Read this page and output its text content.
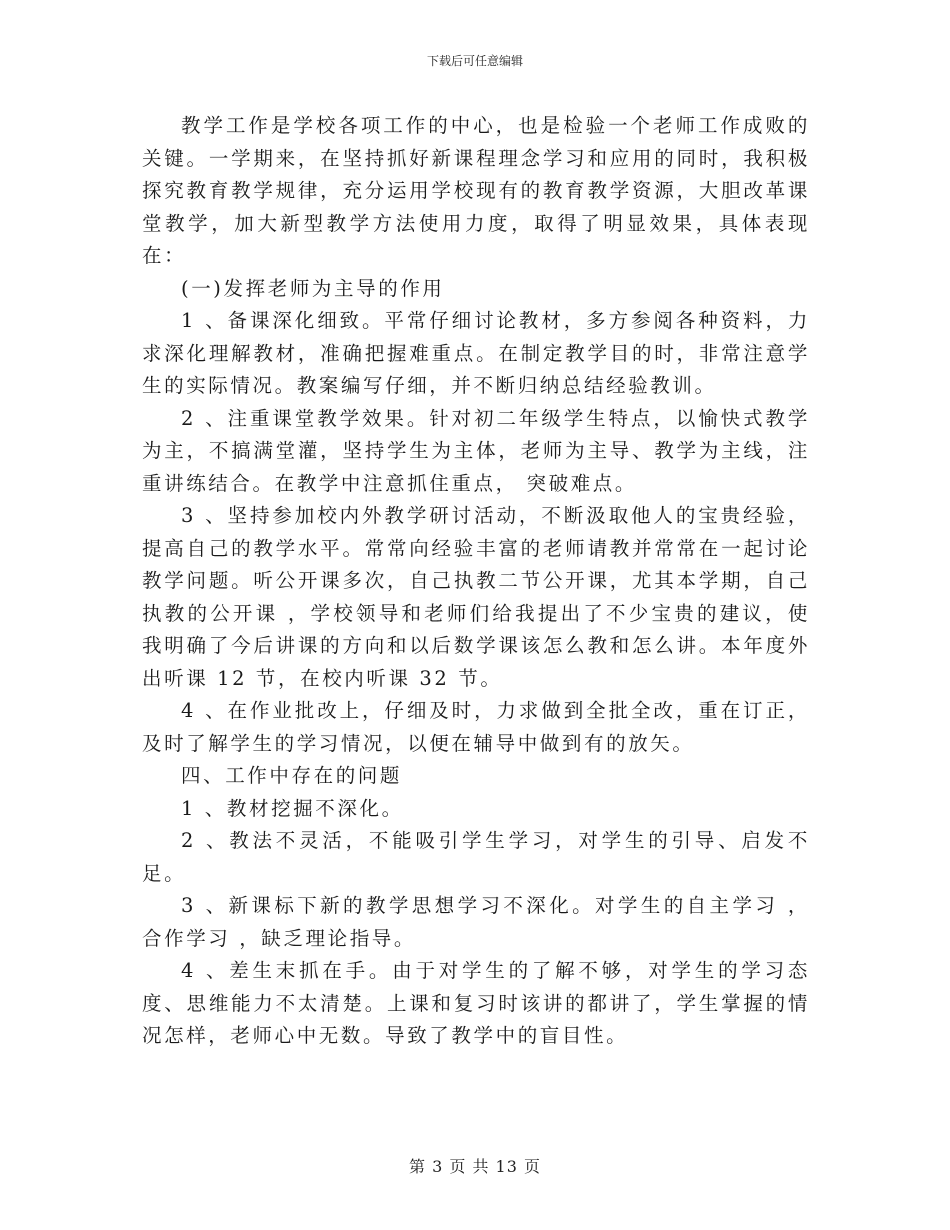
下载后可任意编辑

教学工作是学校各项工作的中心，也是检验一个老师工作成败的关键。一学期来，在坚持抓好新课程理念学习和应用的同时，我积极探究教育教学规律，充分运用学校现有的教育教学资源，大胆改革课堂教学，加大新型教学方法使用力度，取得了明显效果，具体表现在：

(一)发挥老师为主导的作用

1 、备课深化细致。平常仔细讨论教材，多方参阅各种资料，力求深化理解教材，准确把握难重点。在制定教学目的时，非常注意学生的实际情况。教案编写仔细，并不断归纳总结经验教训。

2 、注重课堂教学效果。针对初二年级学生特点，以愉快式教学为主，不搞满堂灌，坚持学生为主体，老师为主导、教学为主线，注重讲练结合。在教学中注意抓住重点， 突破难点。

3 、坚持参加校内外教学研讨活动，不断汲取他人的宝贵经验，提高自己的教学水平。常常向经验丰富的老师请教并常常在一起讨论教学问题。听公开课多次，自己执教二节公开课，尤其本学期，自己执教的公开课 ，学校领导和老师们给我提出了不少宝贵的建议，使我明确了今后讲课的方向和以后数学课该怎么教和怎么讲。本年度外出听课 12 节，在校内听课 32 节。

4 、在作业批改上，仔细及时，力求做到全批全改，重在订正，及时了解学生的学习情况，以便在辅导中做到有的放矢。

四、工作中存在的问题

1 、教材挖掘不深化。

2 、教法不灵活，不能吸引学生学习，对学生的引导、启发不足。

3 、新课标下新的教学思想学习不深化。对学生的自主学习 ，合作学习 ，缺乏理论指导。

4 、差生末抓在手。由于对学生的了解不够，对学生的学习态度、思维能力不太清楚。上课和复习时该讲的都讲了，学生掌握的情况怎样，老师心中无数。导致了教学中的盲目性。

第 3 页 共 13 页
